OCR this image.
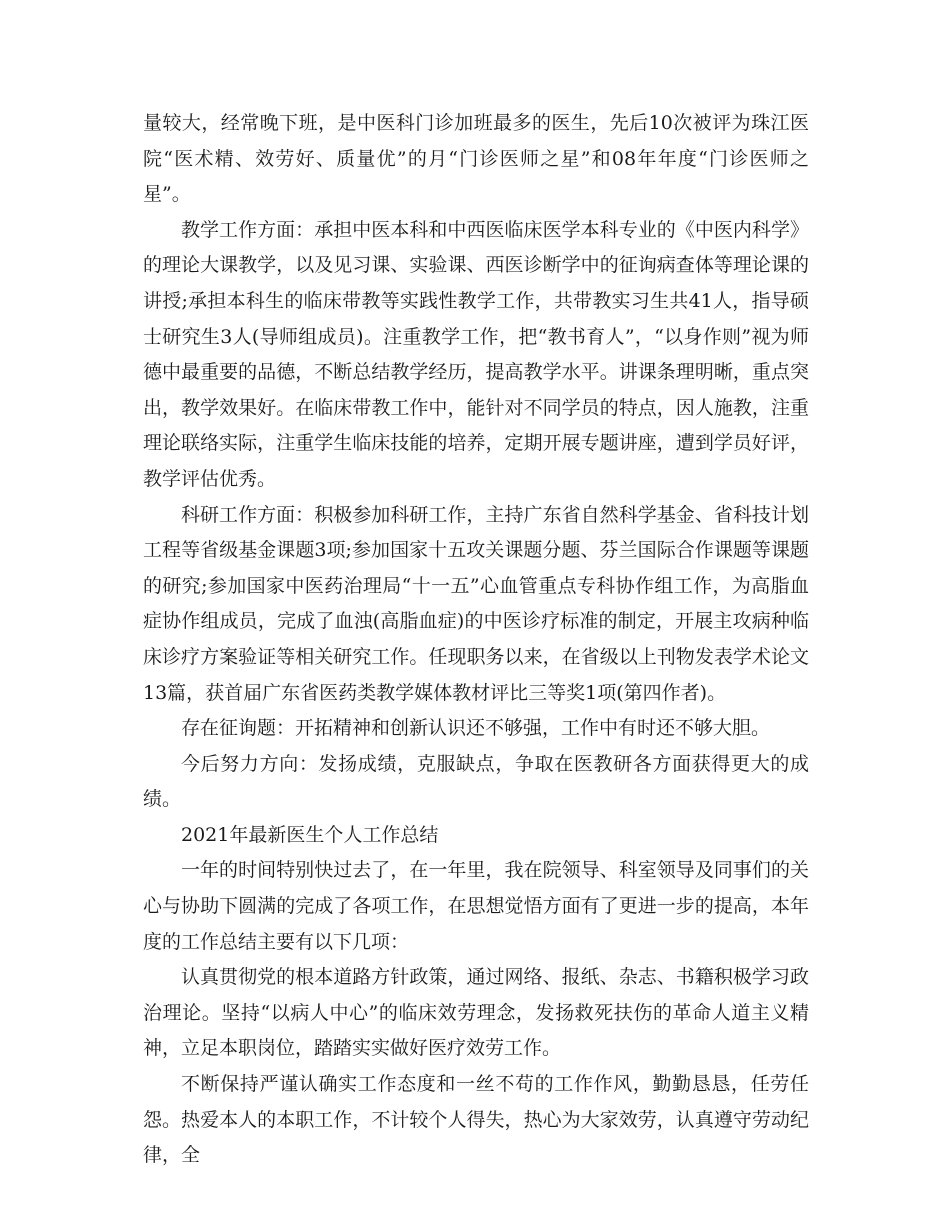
量较大，经常晚下班，是中医科门诊加班最多的医生，先后10次被评为珠江医院“医术精、效劳好、质量优”的月“门诊医师之星”和08年年度“门诊医师之星”。

教学工作方面：承担中医本科和中西医临床医学本科专业的《中医内科学》的理论大课教学，以及见习课、实验课、西医诊断学中的征询病查体等理论课的讲授;承担本科生的临床带教等实践性教学工作，共带教实习生共41人，指导硕士研究生3人(导师组成员)。注重教学工作，把“教书育人”，“以身作则”视为师德中最重要的品德，不断总结教学经历，提高教学水平。讲课条理明晰，重点突出，教学效果好。在临床带教工作中，能针对不同学员的特点，因人施教，注重理论联络实际，注重学生临床技能的培养，定期开展专题讲座，遭到学员好评，教学评估优秀。

科研工作方面：积极参加科研工作，主持广东省自然科学基金、省科技计划工程等省级基金课题3项;参加国家十五攻关课题分题、芬兰国际合作课题等课题的研究;参加国家中医药治理局“十一五”心血管重点专科协作组工作，为高脂血症协作组成员，完成了血浊(高脂血症)的中医诊疗标准的制定，开展主攻病种临床诊疗方案验证等相关研究工作。任现职务以来，在省级以上刊物发表学术论文13篇，获首届广东省医药类教学媒体教材评比三等奖1项(第四作者)。

存在征询题：开拓精神和创新认识还不够强，工作中有时还不够大胆。

今后努力方向：发扬成绩，克服缺点，争取在医教研各方面获得更大的成绩。

2021年最新医生个人工作总结

一年的时间特别快过去了，在一年里，我在院领导、科室领导及同事们的关心与协助下圆满的完成了各项工作，在思想觉悟方面有了更进一步的提高，本年度的工作总结主要有以下几项：

认真贯彻党的根本道路方针政策，通过网络、报纸、杂志、书籍积极学习政治理论。坚持“以病人中心”的临床效劳理念，发扬救死扶伤的革命人道主义精神，立足本职岗位，踏踏实实做好医疗效劳工作。

不断保持严谨认确实工作态度和一丝不苟的工作作风，勤勤恳恳，任劳任怨。热爱本人的本职工作，不计较个人得失，热心为大家效劳，认真遵守劳动纪律，全
